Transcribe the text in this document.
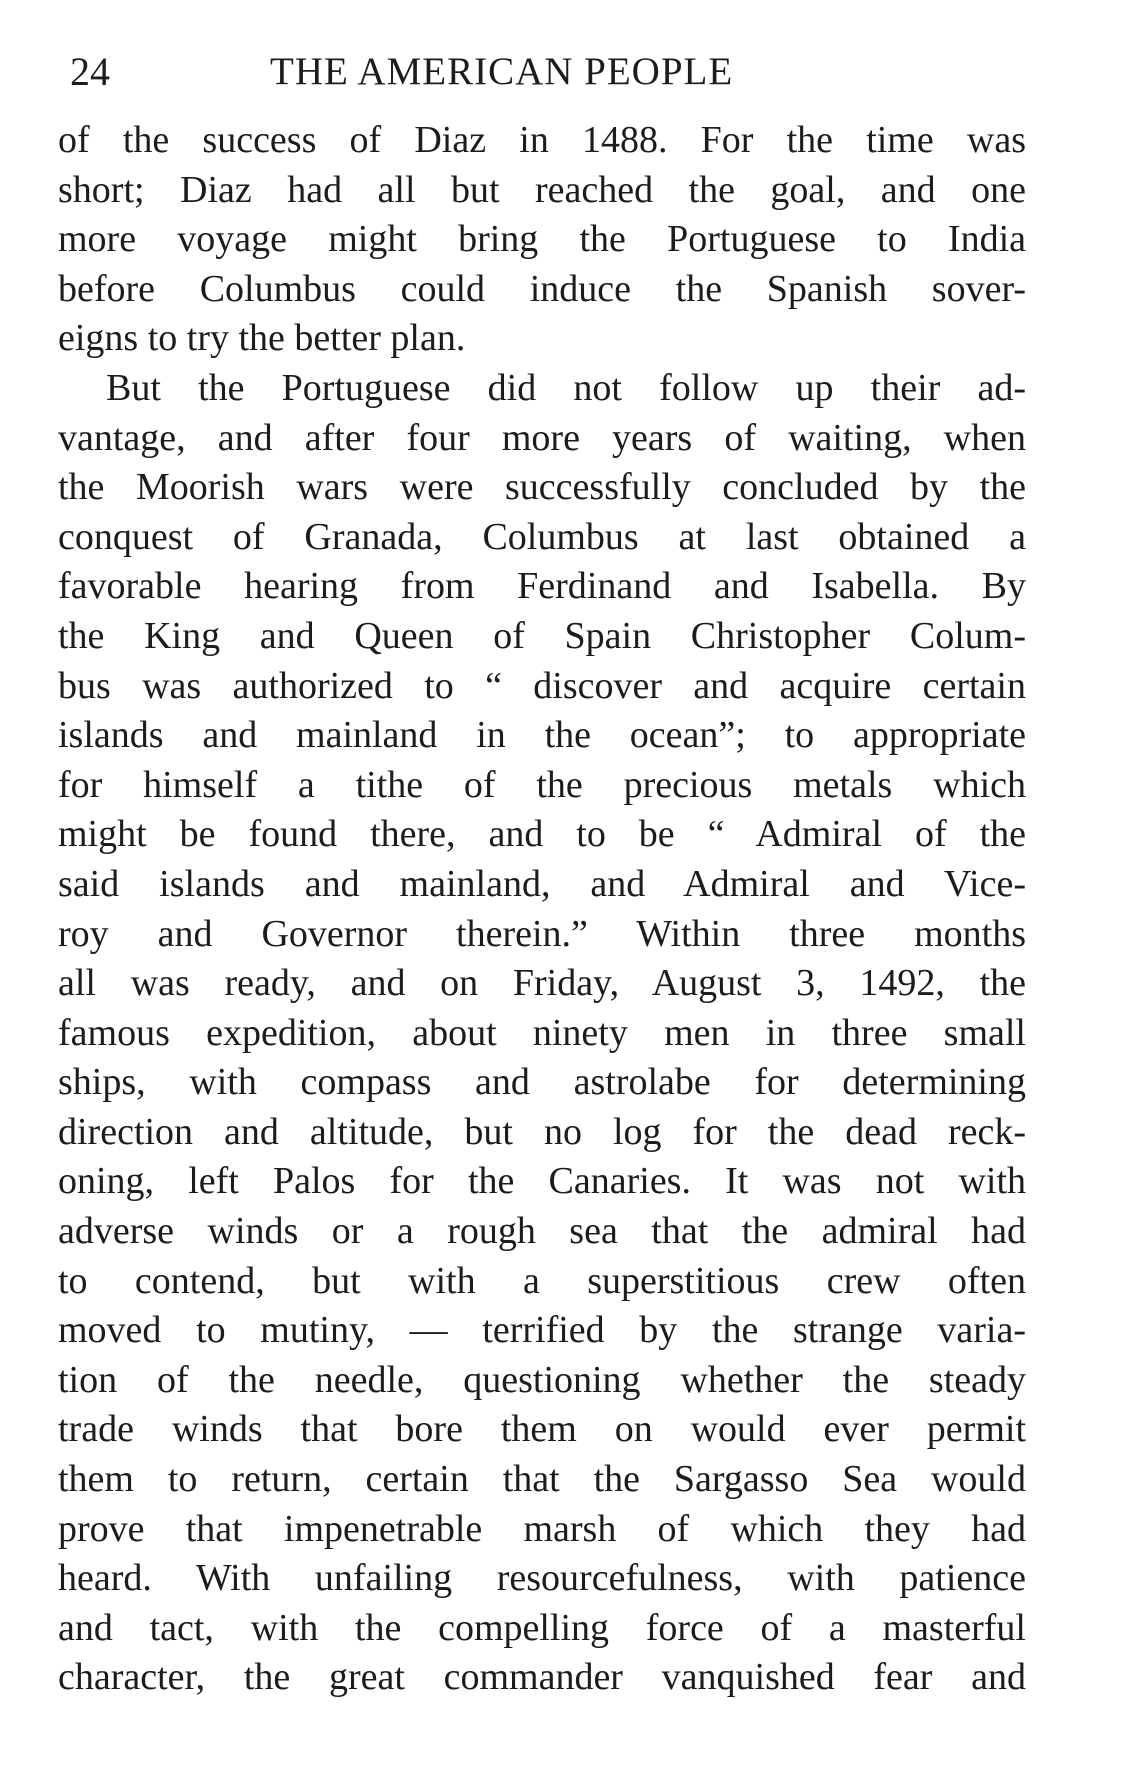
24	THE AMERICAN PEOPLE
of the success of Diaz in 1488. For the time was
short; Diaz had all but reached the goal, and one
more voyage might bring the Portuguese to India
before Columbus could induce the Spanish sover-
eigns to try the better plan.
But the Portuguese did not follow up their ad-
vantage, and after four more years of waiting, when
the Moorish wars were successfully concluded by the
conquest of Granada, Columbus at last obtained a
favorable hearing from Ferdinand and Isabella. By
the King and Queen of Spain Christopher Colum-
bus was authorized to “ discover and acquire certain
islands and mainland in the ocean”; to appropriate
for himself a tithe of the precious metals which
might be found there, and to be “ Admiral of the
said islands and mainland, and Admiral and Vice-
roy and Governor therein.” Within three months
all was ready, and on Friday, August 3, 1492, the
famous expedition, about ninety men in three small
ships, with compass and astrolabe for determining
direction and altitude, but no log for the dead reck-
oning, left Palos for the Canaries. It was not with
adverse winds or a rough sea that the admiral had
to contend, but with a superstitious crew often
moved to mutiny, — terrified by the strange varia-
tion of the needle, questioning whether the steady
trade winds that bore them on would ever permit
them to return, certain that the Sargasso Sea would
prove that impenetrable marsh of which they had
heard. With unfailing resourcefulness, with patience
and tact, with the compelling force of a masterful
character, the great commander vanquished fear and
